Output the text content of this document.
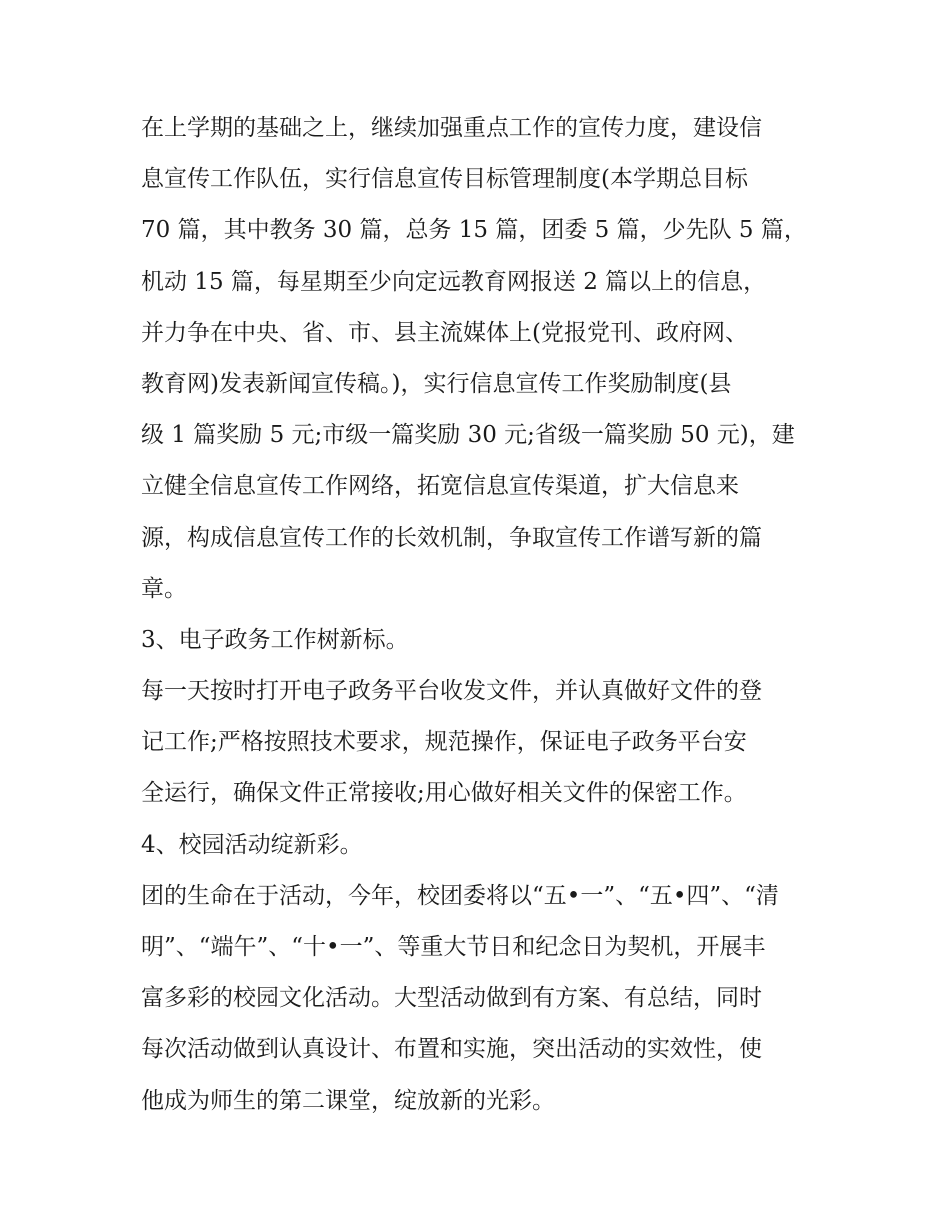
在上学期的基础之上，继续加强重点工作的宣传力度，建设信
息宣传工作队伍，实行信息宣传目标管理制度(本学期总目标
70 篇，其中教务 30 篇，总务 15 篇，团委 5 篇，少先队 5 篇，
机动 15 篇，每星期至少向定远教育网报送 2 篇以上的信息，
并力争在中央、省、市、县主流媒体上(党报党刊、政府网、
教育网)发表新闻宣传稿。)，实行信息宣传工作奖励制度(县
级 1 篇奖励 5 元;市级一篇奖励 30 元;省级一篇奖励 50 元)，建
立健全信息宣传工作网络，拓宽信息宣传渠道，扩大信息来
源，构成信息宣传工作的长效机制，争取宣传工作谱写新的篇
章。
3、电子政务工作树新标。
每一天按时打开电子政务平台收发文件，并认真做好文件的登
记工作;严格按照技术要求，规范操作，保证电子政务平台安
全运行，确保文件正常接收;用心做好相关文件的保密工作。
4、校园活动绽新彩。
团的生命在于活动，今年，校团委将以“五•一”、“五•四”、“清
明”、“端午”、“十•一”、等重大节日和纪念日为契机，开展丰
富多彩的校园文化活动。大型活动做到有方案、有总结，同时
每次活动做到认真设计、布置和实施，突出活动的实效性，使
他成为师生的第二课堂，绽放新的光彩。
